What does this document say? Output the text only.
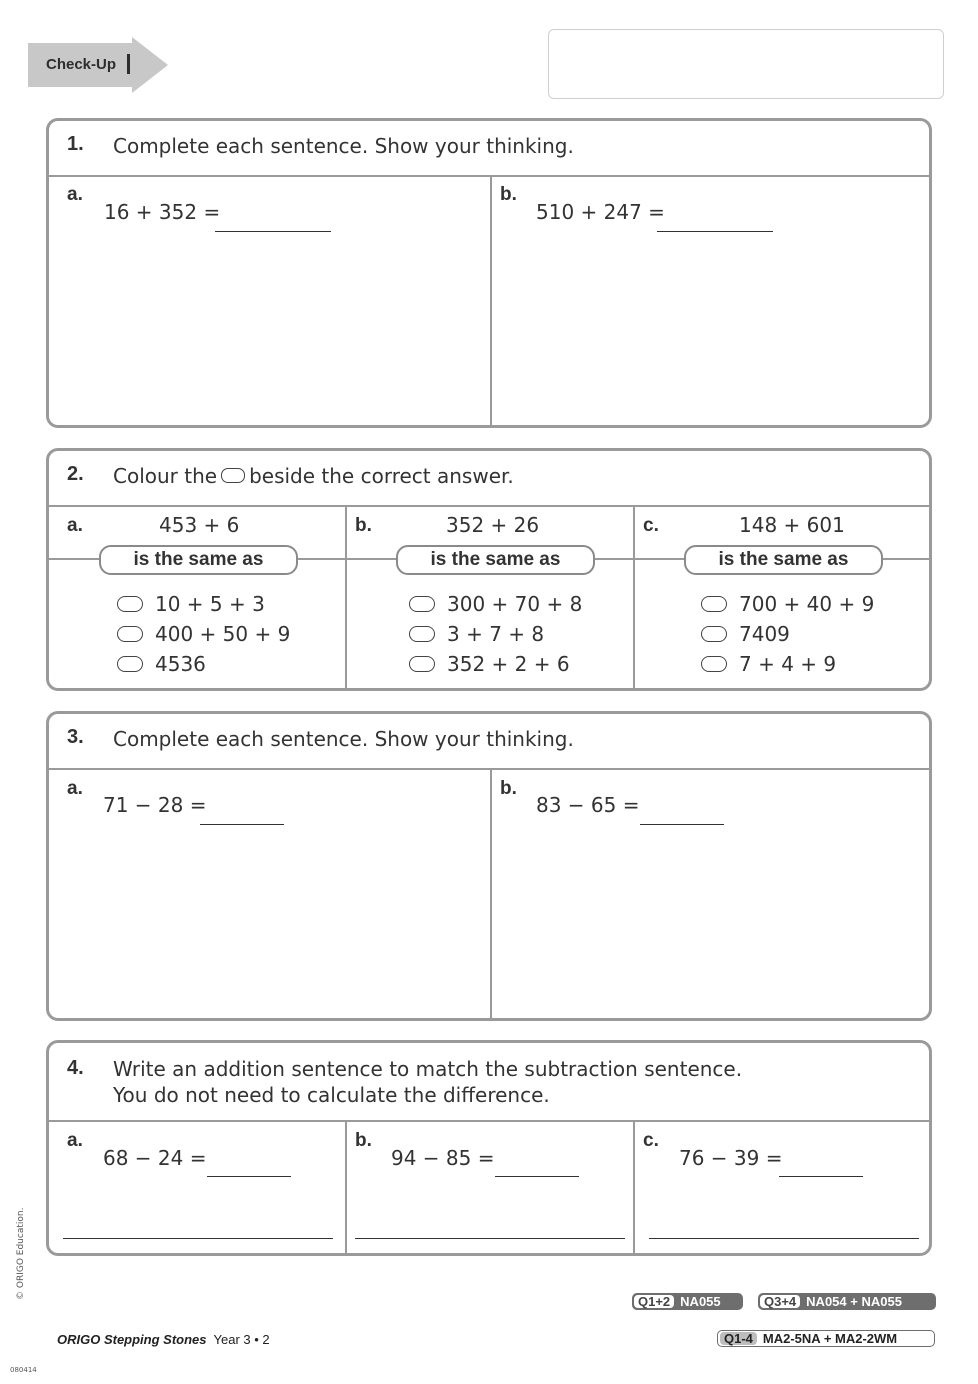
Check-Up
1. Complete each sentence. Show your thinking.
a.
16 + 352 =
b.
510 + 247 =
2. Colour the beside the correct answer.
a.	453 + 6
is the same as
10 + 5 + 3
400 + 50 + 9
4536
b.	352 + 26
is the same as
300 + 70 + 8
3 + 7 + 8
352 + 2 + 6
c.	148 + 601
is the same as
700 + 40 + 9
7409
7 + 4 + 9
3. Complete each sentence. Show your thinking.
a.
71 − 28 =
b.
83 − 65 =
4. Write an addition sentence to match the subtraction sentence.
You do not need to calculate the difference.
a.
68 − 24 =
b.
94 − 85 =
c.
76 − 39 =
© ORIGO Education.
080414
ORIGO Stepping Stones Year 3 • 2
Q1+2 NA055	Q3+4 NA054 + NA055
Q1-4 MA2-5NA + MA2-2WM
